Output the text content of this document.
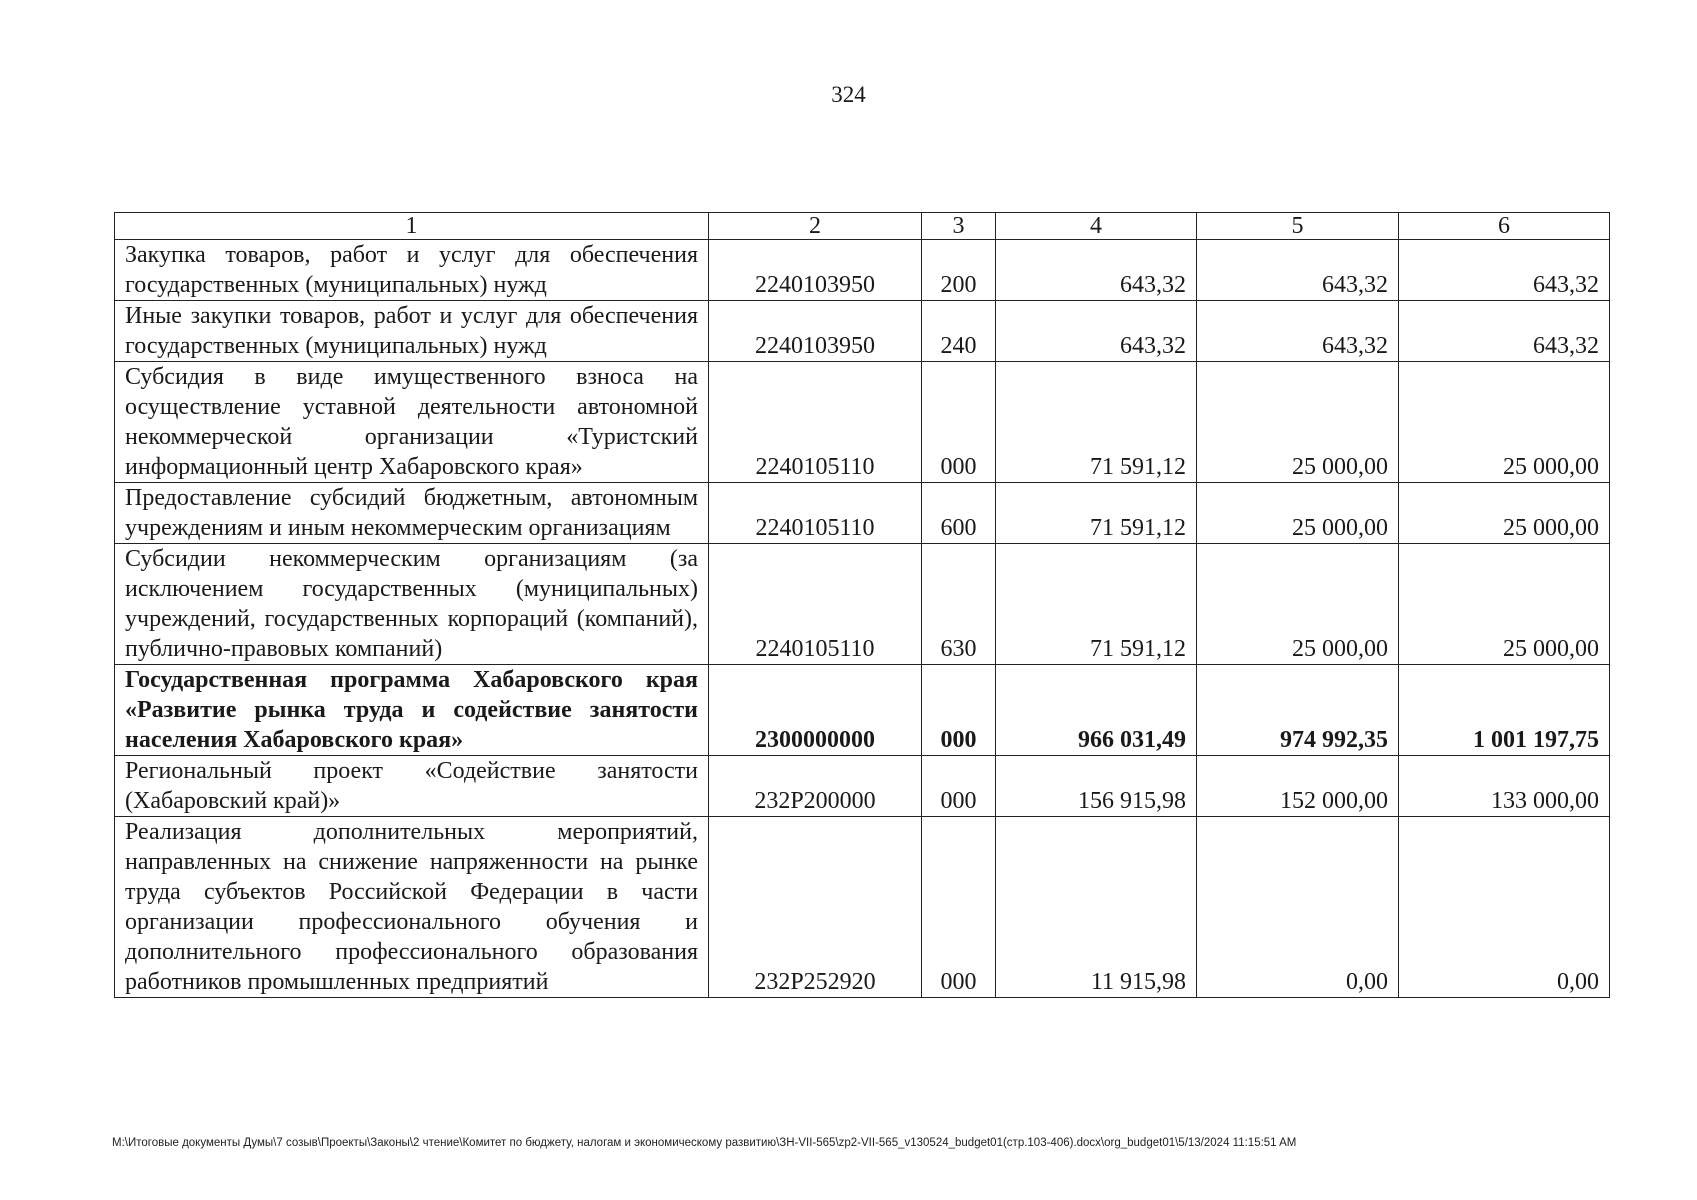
324
1	2	3	4	5	6
Закупка товаров, работ и услуг для обеспечения государственных (муниципальных) нужд	2240103950	200	643,32	643,32	643,32
Иные закупки товаров, работ и услуг для обеспечения государственных (муниципальных) нужд	2240103950	240	643,32	643,32	643,32
Субсидия в виде имущественного взноса на осуществление уставной деятельности автономной некоммерческой организации «Туристский информационный центр Хабаровского края»	2240105110	000	71 591,12	25 000,00	25 000,00
Предоставление субсидий бюджетным, автономным учреждениям и иным некоммерческим организациям	2240105110	600	71 591,12	25 000,00	25 000,00
Субсидии некоммерческим организациям (за исключением государственных (муниципальных) учреждений, государственных корпораций (компаний), публично-правовых компаний)	2240105110	630	71 591,12	25 000,00	25 000,00
Государственная программа Хабаровского края «Развитие рынка труда и содействие занятости населения Хабаровского края»	2300000000	000	966 031,49	974 992,35	1 001 197,75
Региональный проект «Содействие занятости (Хабаровский край)»	232Р200000	000	156 915,98	152 000,00	133 000,00
Реализация дополнительных мероприятий, направленных на снижение напряженности на рынке труда субъектов Российской Федерации в части организации профессионального обучения и дополнительного профессионального образования работников промышленных предприятий	232Р252920	000	11 915,98	0,00	0,00
M:\Итоговые документы Думы\7 созыв\Проекты\Законы\2 чтение\Комитет по бюджету, налогам и экономическому развитию\ЗН-VII-565\zp2-VII-565_v130524_budget01(стр.103-406).docx\org_budget01\5/13/2024 11:15:51 AM
